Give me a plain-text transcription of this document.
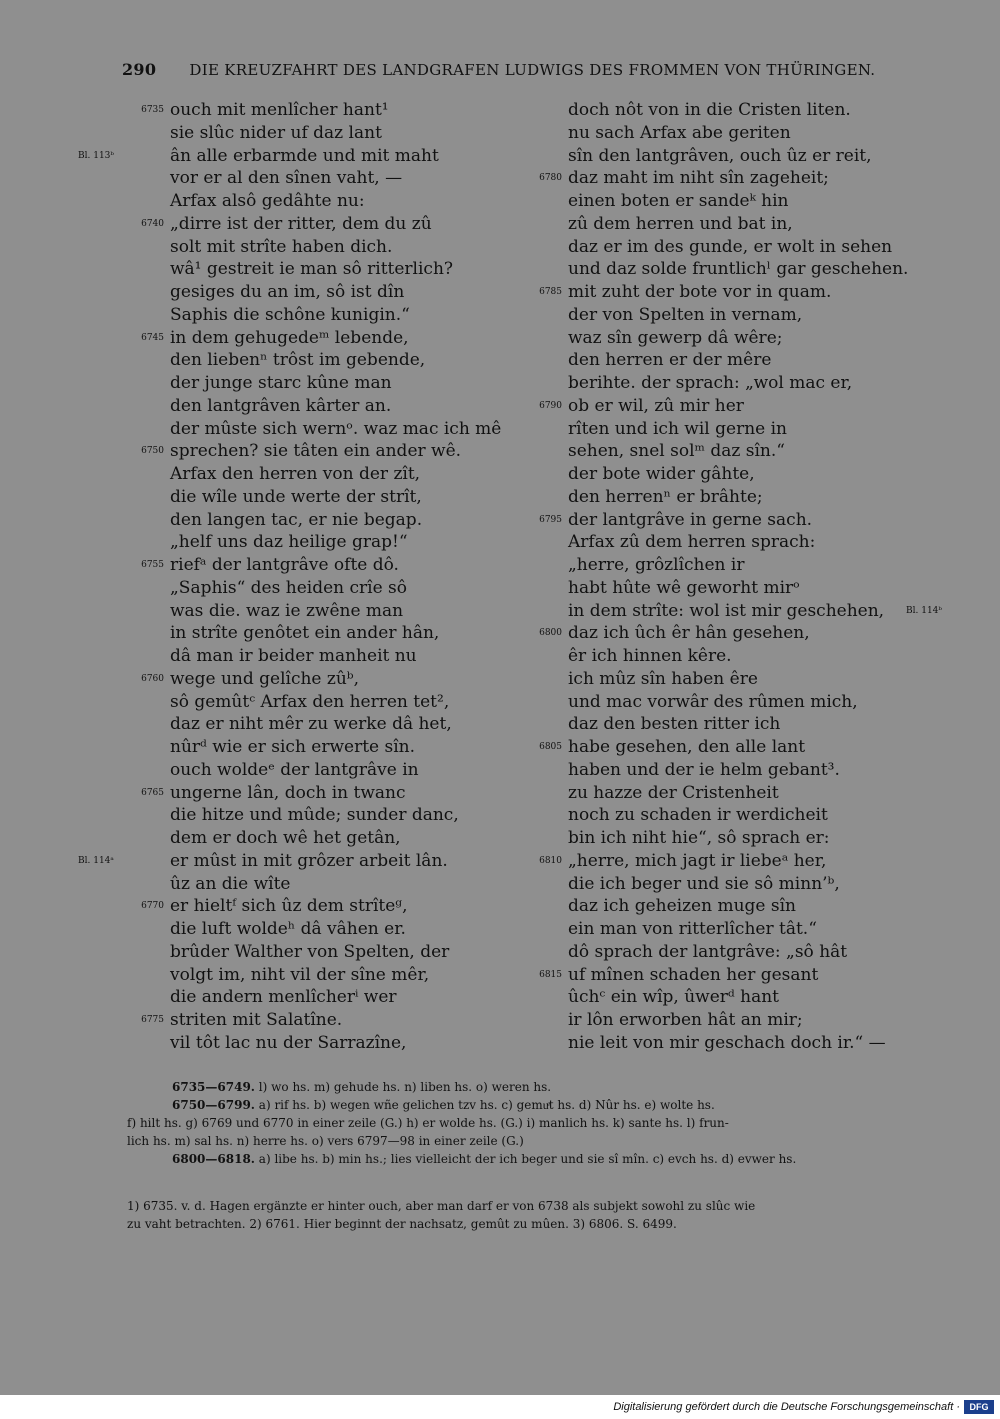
290 DIE KREUZFAHRT DES LANDGRAFEN LUDWIGS DES FROMMEN VON THÜRINGEN.
6735 ouch mit menlîcher hant¹
sie slûc nider uf daz lant
Bl. 113ᵇ	ân alle erbarmde und mit maht
vor er al den sînen vaht, —
Arfax alsô gedâhte nu:
6740 „dirre ist der ritter, dem du zû
solt mit strîte haben dich.
wâ¹ gestreit ie man sô ritterlich?
gesiges du an im, sô ist dîn
Saphis die schône kunigin.“
6745 in dem gehugedeᵐ lebende,
den liebenⁿ trôst im gebende,
der junge starc kûne man
den lantgrâven kârter an.
der mûste sich wernᵒ. waz mac ich mê
6750 sprechen? sie tâten ein ander wê.
Arfax den herren von der zît,
die wîle unde werte der strît,
den langen tac, er nie begap.
„helf uns daz heilige grap!“
6755 riefᵃ der lantgrâve ofte dô.
„Saphis“ des heiden crîe sô
was die. waz ie zwêne man
in strîte genôtet ein ander hân,
dâ man ir beider manheit nu
6760 wege und gelîche zûᵇ,
sô gemûtᶜ Arfax den herren tet²,
daz er niht mêr zu werke dâ het,
nûrᵈ wie er sich erwerte sîn.
ouch woldeᵉ der lantgrâve in
6765 ungerne lân, doch in twanc
die hitze und mûde; sunder danc,
dem er doch wê het getân,
Bl. 114ᵃ	er mûst in mit grôzer arbeit lân.
ûz an die wîte
6770 er hieltᶠ sich ûz dem strîteᵍ,
die luft woldeʰ dâ vâhen er.
brûder Walther von Spelten, der
volgt im, niht vil der sîne mêr,
die andern menlîcherⁱ wer
6775 striten mit Salatîne.
vil tôt lac nu der Sarrazîne,
doch nôt von in die Cristen liten.
nu sach Arfax abe geriten
sîn den lantgrâven, ouch ûz er reit,
6780 daz maht im niht sîn zageheit;
einen boten er sandeᵏ hin
zû dem herren und bat in,
daz er im des gunde, er wolt in sehen
und daz solde fruntlichˡ gar geschehen.
6785 mit zuht der bote vor in quam.
der von Spelten in vernam,
waz sîn gewerp dâ wêre;
den herren er der mêre
berihte. der sprach: „wol mac er,
6790 ob er wil, zû mir her
rîten und ich wil gerne in
sehen, snel solᵐ daz sîn.“
der bote wider gâhte,
den herrenⁿ er brâhte;
6795 der lantgrâve in gerne sach.
Arfax zû dem herren sprach:
„herre, grôzlîchen ir
habt hûte wê geworht mirᵒ
Bl. 114ᵇ
in dem strîte: wol ist mir geschehen,
6800 daz ich ûch êr hân gesehen,
êr ich hinnen kêre.
ich mûz sîn haben êre
und mac vorwâr des rûmen mich,
daz den besten ritter ich
6805 habe gesehen, den alle lant
haben und der ie helm gebant³.
zu hazze der Cristenheit
noch zu schaden ir werdicheit
bin ich niht hie“, sô sprach er:
6810 „herre, mich jagt ir liebeᵃ her,
die ich beger und sie sô minn’ᵇ,
daz ich geheizen muge sîn
ein man von ritterlîcher tât.“
dô sprach der lantgrâve: „sô hât
6815 uf mînen schaden her gesant
ûchᶜ ein wîp, ûwerᵈ hant
ir lôn erworben hât an mir;
nie leit von mir geschach doch ir.“ —
6735—6749. l) wo hs. m) gehude hs. n) liben hs. o) weren hs.
6750—6799. a) rif hs. b) wegen wñe gelichen tzv hs. c) gemuͤt hs. d) Nûr hs. e) wolte hs.
f) hilt hs. g) 6769 und 6770 in einer zeile (G.) h) er wolde hs. (G.) i) manlich hs. k) sante hs. l) frun-
lich hs. m) sal hs. n) herre hs. o) vers 6797—98 in einer zeile (G.)
6800—6818. a) libe hs. b) min hs.; lies vielleicht der ich beger und sie sî mîn. c) evch hs. d) evwer hs.
1) 6735. v. d. Hagen ergänzte er hinter ouch, aber man darf er von 6738 als subjekt sowohl zu slûc wie
zu vaht betrachten. 2) 6761. Hier beginnt der nachsatz, gemût zu mûen. 3) 6806. S. 6499.
Digitalisierung gefördert durch die Deutsche Forschungsgemeinschaft ·	DFG
